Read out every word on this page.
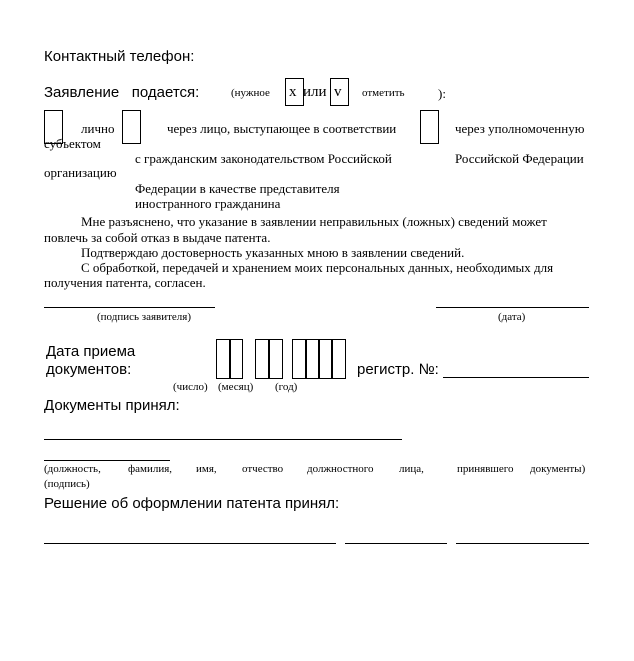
Контактный телефон:
Заявление   подается:	(нужное x или v отметить	):
лично	через лицо, выступающее в соответствии	через уполномоченную
субъектом
с гражданским законодательством Российской	Российской Федерации
организацию
Федерации в качестве представителя
иностранного гражданина
Мне разъяснено, что указание в заявлении неправильных (ложных) сведений может
повлечь за собой отказ в выдаче патента.
Подтверждаю достоверность указанных мною в заявлении сведений.
С обработкой, передачей и хранением моих персональных данных, необходимых для
получения патента, согласен.
(подпись заявителя)	(дата)
Дата приема
документов:
(число) (месяц) (год)
регистр. №:
Документы принял:
(должность, фамилия, имя, отчество должностного лица,	принявшего документы)
(подпись)
Решение об оформлении патента принял:
